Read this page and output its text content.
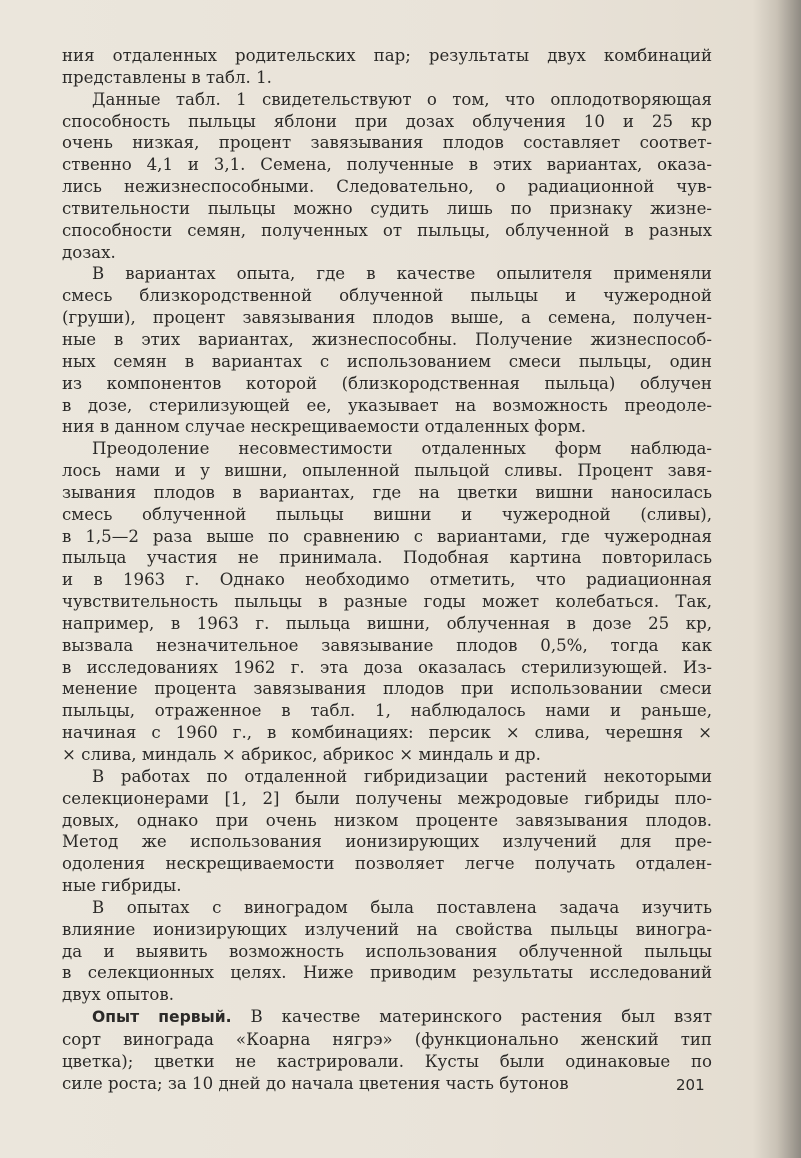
ния отдаленных родительских пар; результаты двух комбинаций
представлены в табл. 1.
Данные табл. 1 свидетельствуют о том, что оплодотворяющая
способность пыльцы яблони при дозах облучения 10 и 25 кр
очень низкая, процент завязывания плодов составляет соответ-
ственно 4,1 и 3,1. Семена, полученные в этих вариантах, оказа-
лись нежизнеспособными. Следовательно, о радиационной чув-
ствительности пыльцы можно судить лишь по признаку жизне-
способности семян, полученных от пыльцы, облученной в разных
дозах.
В вариантах опыта, где в качестве опылителя применяли
смесь близкородственной облученной пыльцы и чужеродной
(груши), процент завязывания плодов выше, а семена, получен-
ные в этих вариантах, жизнеспособны. Получение жизнеспособ-
ных семян в вариантах с использованием смеси пыльцы, один
из компонентов которой (близкородственная пыльца) облучен
в дозе, стерилизующей ее, указывает на возможность преодоле-
ния в данном случае нескрещиваемости отдаленных форм.
Преодоление несовместимости отдаленных форм наблюда-
лось нами и у вишни, опыленной пыльцой сливы. Процент завя-
зывания плодов в вариантах, где на цветки вишни наносилась
смесь облученной пыльцы вишни и чужеродной (сливы),
в 1,5—2 раза выше по сравнению с вариантами, где чужеродная
пыльца участия не принимала. Подобная картина повторилась
и в 1963 г. Однако необходимо отметить, что радиационная
чувствительность пыльцы в разные годы может колебаться. Так,
например, в 1963 г. пыльца вишни, облученная в дозе 25 кр,
вызвала незначительное завязывание плодов 0,5%, тогда как
в исследованиях 1962 г. эта доза оказалась стерилизующей. Из-
менение процента завязывания плодов при использовании смеси
пыльцы, отраженное в табл. 1, наблюдалось нами и раньше,
начиная с 1960 г., в комбинациях: персик × слива, черешня ×
× слива, миндаль × абрикос, абрикос × миндаль и др.
В работах по отдаленной гибридизации растений некоторыми
селекционерами [1, 2] были получены межродовые гибриды пло-
довых, однако при очень низком проценте завязывания плодов.
Метод же использования ионизирующих излучений для пре-
одоления нескрещиваемости позволяет легче получать отдален-
ные гибриды.
В опытах с виноградом была поставлена задача изучить
влияние ионизирующих излучений на свойства пыльцы виногра-
да и выявить возможность использования облученной пыльцы
в селекционных целях. Ниже приводим результаты исследований
двух опытов.
Опыт первый. В качестве материнского растения был взят
сорт винограда «Коарна нягрэ» (функционально женский тип
цветка); цветки не кастрировали. Кусты были одинаковые по
силе роста; за 10 дней до начала цветения часть бутонов	201
